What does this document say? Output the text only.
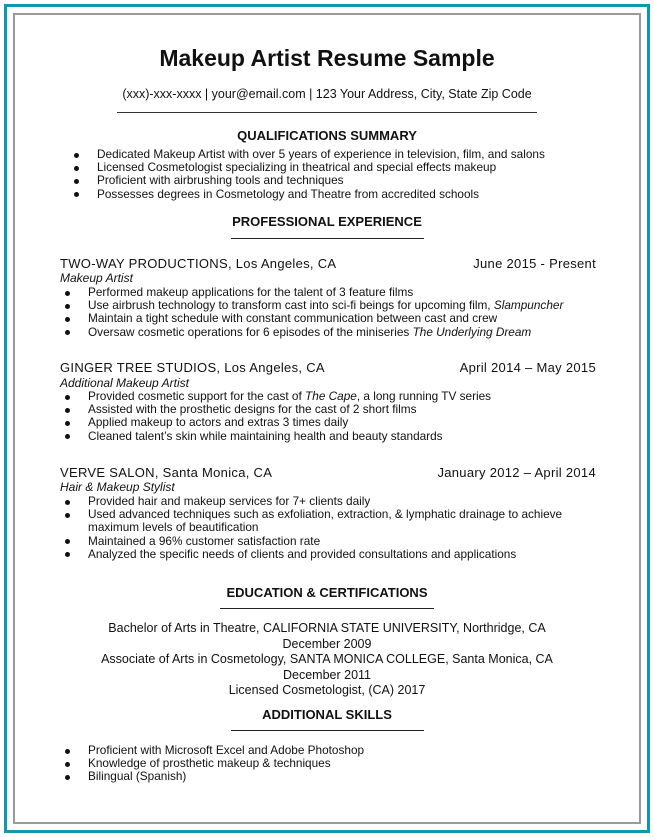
Makeup Artist Resume Sample
(xxx)-xxx-xxxx | your@email.com | 123 Your Address, City, State Zip Code
QUALIFICATIONS SUMMARY
Dedicated Makeup Artist with over 5 years of experience in television, film, and salons
Licensed Cosmetologist specializing in theatrical and special effects makeup
Proficient with airbrushing tools and techniques
Possesses degrees in Cosmetology and Theatre from accredited schools
PROFESSIONAL EXPERIENCE
TWO-WAY PRODUCTIONS, Los Angeles, CA	June 2015 - Present
Makeup Artist
Performed makeup applications for the talent of 3 feature films
Use airbrush technology to transform cast into sci-fi beings for upcoming film, Slampuncher
Maintain a tight schedule with constant communication between cast and crew
Oversaw cosmetic operations for 6 episodes of the miniseries The Underlying Dream
GINGER TREE STUDIOS, Los Angeles, CA	April 2014 – May 2015
Additional Makeup Artist
Provided cosmetic support for the cast of The Cape, a long running TV series
Assisted with the prosthetic designs for the cast of 2 short films
Applied makeup to actors and extras 3 times daily
Cleaned talent’s skin while maintaining health and beauty standards
VERVE SALON, Santa Monica, CA	January 2012 – April 2014
Hair & Makeup Stylist
Provided hair and makeup services for 7+ clients daily
Used advanced techniques such as exfoliation, extraction, & lymphatic drainage to achieve maximum levels of beautification
Maintained a 96% customer satisfaction rate
Analyzed the specific needs of clients and provided consultations and applications
EDUCATION & CERTIFICATIONS
Bachelor of Arts in Theatre, CALIFORNIA STATE UNIVERSITY, Northridge, CA
December 2009
Associate of Arts in Cosmetology, SANTA MONICA COLLEGE, Santa Monica, CA
December 2011
Licensed Cosmetologist, (CA) 2017
ADDITIONAL SKILLS
Proficient with Microsoft Excel and Adobe Photoshop
Knowledge of prosthetic makeup & techniques
Bilingual (Spanish)
